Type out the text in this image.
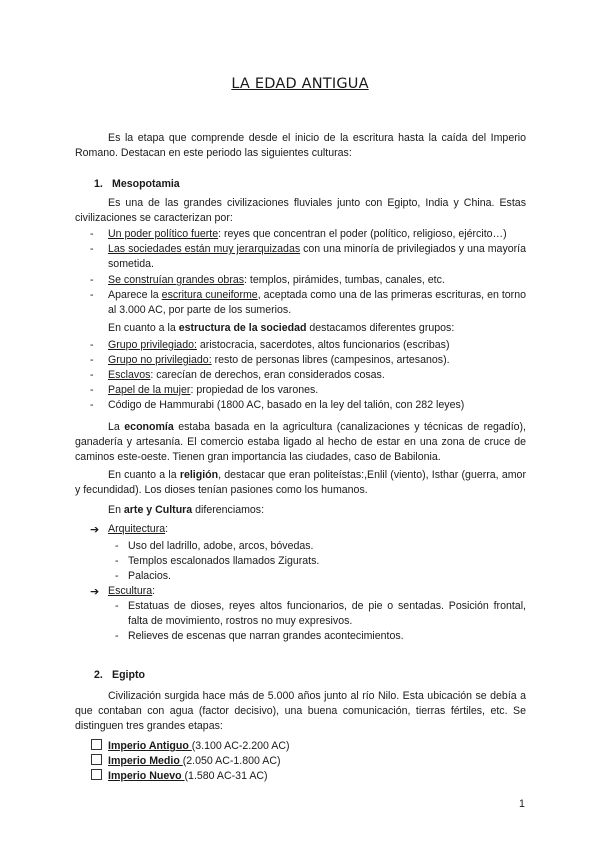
LA EDAD ANTIGUA
Es la etapa que comprende desde el inicio de la escritura hasta la caída del Imperio Romano. Destacan en este periodo las siguientes culturas:
1. Mesopotamia
Es una de las grandes civilizaciones fluviales junto con Egipto, India y China. Estas civilizaciones se caracterizan por:
- Un poder político fuerte: reyes que concentran el poder (político, religioso, ejército…)
- Las sociedades están muy jerarquizadas con una minoría de privilegiados y una mayoría sometida.
- Se construían grandes obras: templos, pirámides, tumbas, canales, etc.
- Aparece la escritura cuneiforme, aceptada como una de las primeras escrituras, en torno al 3.000 AC, por parte de los sumerios.
En cuanto a la estructura de la sociedad destacamos diferentes grupos:
- Grupo privilegiado: aristocracia, sacerdotes, altos funcionarios (escribas)
- Grupo no privilegiado: resto de personas libres (campesinos, artesanos).
- Esclavos: carecían de derechos, eran considerados cosas.
- Papel de la mujer: propiedad de los varones.
- Código de Hammurabi (1800 AC, basado en la ley del talión, con 282 leyes)
La economía estaba basada en la agricultura (canalizaciones y técnicas de regadío), ganadería y artesanía. El comercio estaba ligado al hecho de estar en una zona de cruce de caminos este-oeste. Tienen gran importancia las ciudades, caso de Babilonia.
En cuanto a la religión, destacar que eran politeístas:,Enlil (viento), Isthar (guerra, amor y fecundidad). Los dioses tenían pasiones como los humanos.
En arte y Cultura diferenciamos:
➔ Arquitectura:
- Uso del ladrillo, adobe, arcos, bóvedas.
- Templos escalonados llamados Zigurats.
- Palacios.
➔ Escultura:
- Estatuas de dioses, reyes altos funcionarios, de pie o sentadas. Posición frontal, falta de movimiento, rostros no muy expresivos.
- Relieves de escenas que narran grandes acontecimientos.
2. Egipto
Civilización surgida hace más de 5.000 años junto al río Nilo. Esta ubicación se debía a que contaban con agua (factor decisivo), una buena comunicación, tierras fértiles, etc. Se distinguen tres grandes etapas:
Imperio Antiguo (3.100 AC-2.200 AC)
Imperio Medio (2.050 AC-1.800 AC)
Imperio Nuevo (1.580 AC-31 AC)
1
